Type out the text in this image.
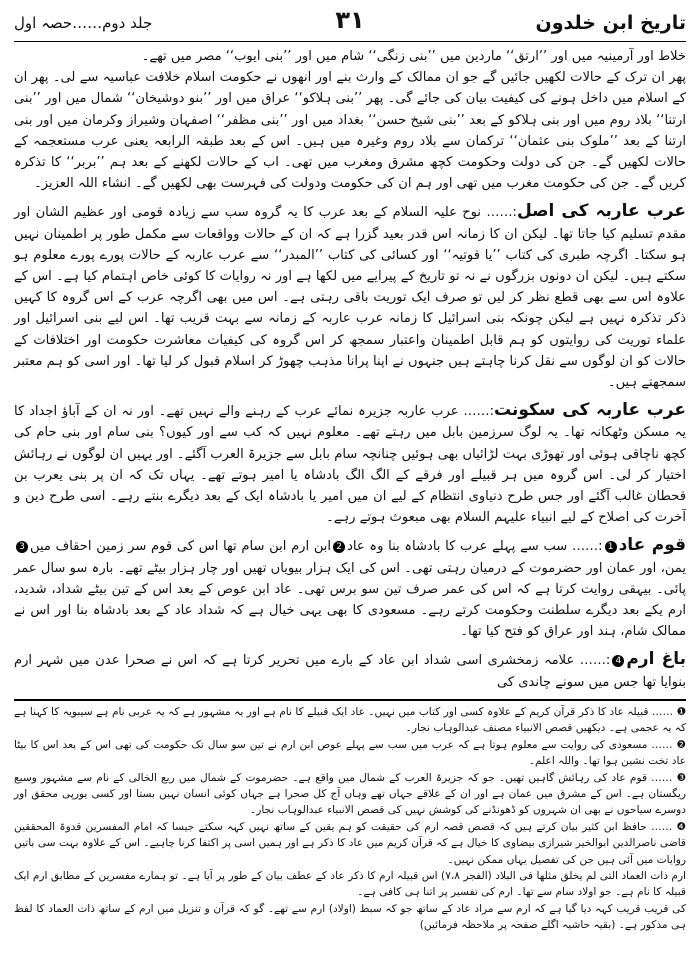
تاریخ ابن خلدون
۳۱
جلد دوم……حصہ اول

خلاط اور آرمینیہ میں اور ’’ارتق‘‘ ماردین میں ’’بنی زنگی‘‘ شام میں اور ’’بنی ایوب‘‘ مصر میں تھے۔

پھر ان ترک کے حالات لکھیں جائیں گے جو ان ممالک کے وارث بنے اور انھوں نے حکومت اسلام خلافت عباسیہ سے لی۔ پھر ان کے اسلام میں داخل ہونے کی کیفیت بیان کی جائے گی۔ پھر ’’بنی ہلاکو‘‘ عراق میں اور ’’بنو دوشیخان‘‘ شمال میں اور ’’بنی ارتنا‘‘ بلاد روم میں اور بنی ہلاکو کے بعد ’’بنی شیخ حسن‘‘ بغداد میں اور ’’بنی مظفر‘‘ اصفہان وشیراز وکرمان میں اور بنی ارتنا کے بعد ’’ملوک بنی عثمان‘‘ ترکمان سے بلاد روم وغیرہ میں ہیں۔ اس کے بعد طبقہ الرابعہ یعنی عرب مستعجمہ کے حالات لکھیں گے۔ جن کی دولت وحکومت کچھ مشرق ومغرب میں تھی۔ اب کے حالات لکھنے کے بعد ہم ’’بربر‘‘ کا تذکرہ کریں گے۔ جن کی حکومت مغرب میں تھی اور ہم ان کی حکومت ودولت کی فہرست بھی لکھیں گے۔ انشاء اللہ العزیز۔

عرب عاربہ کی اصل:…… نوح علیہ السلام کے بعد عرب کا یہ گروہ سب سے زیادہ قومی اور عظیم الشان اور مقدم تسلیم کیا جاتا تھا۔ لیکن ان کا زمانہ اس قدر بعید گزرا ہے کہ ان کے حالات وواقعات سے مکمل طور پر اطمینان نہیں ہو سکتا۔ اگرچہ طبری کی کتاب ’’یا قوتیہ‘‘ اور کسائی کی کتاب ’’المبدر‘‘ سے عرب عاربہ کے حالات پورے پورے معلوم ہو سکتے ہیں۔ لیکن ان دونوں بزرگوں نے نہ تو تاریخ کے پیرایے میں لکھا ہے اور نہ روایات کا کوئی خاص اہتمام کیا ہے۔ اس کے علاوہ اس سے بھی قطع نظر کر لیں تو صرف ایک توریت باقی رہتی ہے۔ اس میں بھی اگرچہ عرب کے اس گروہ کا کہیں ذکر تذکرہ نہیں ہے لیکن چونکہ بنی اسرائیل کا زمانہ عرب عاربہ کے زمانہ سے بہت قریب تھا۔ اس لیے بنی اسرائیل اور علماء توریت کی روایتوں کو ہم قابل اطمینان واعتبار سمجھ کر اس گروہ کی کیفیات معاشرت حکومت اور اختلافات کے حالات کو ان لوگوں سے نقل کرنا چاہتے ہیں جنہوں نے اپنا پرانا مذہب چھوڑ کر اسلام قبول کر لیا تھا۔ اور اسی کو ہم معتبر سمجھتے ہیں۔

عرب عاربہ کی سکونت:…… عرب عاربہ جزیرہ نمائے عرب کے رہنے والے نہیں تھے۔ اور نہ ان کے آباؤ اجداد کا یہ مسکن وٹھکانہ تھا۔ یہ لوگ سرزمین بابل میں رہتے تھے۔ معلوم نہیں کہ کب سے اور کیوں؟ بنی سام اور بنی حام کی کچھ ناچاقی ہوئی اور تھوڑی بہت لڑائیاں بھی ہوئیں چنانچہ سام بابل سے جزیرۃ العرب آگئے۔ اور یہیں ان لوگوں نے رہائش اختیار کر لی۔ اس گروہ میں ہر قبیلے اور فرقے کے الگ الگ بادشاہ یا امیر ہوتے تھے۔ یہاں تک کہ ان پر بنی یعرب بن قحطان غالب آگئے اور جس طرح دنیاوی انتظام کے لیے ان میں امیر یا بادشاہ ایک کے بعد دیگرے بنتے رہے۔ اسی طرح دین و آخرت کی اصلاح کے لیے انبیاء علیہم السلام بھی مبعوث ہوتے رہے۔

قوم عاد1:…… سب سے پہلے عرب کا بادشاہ بنا وہ عاد2ابن ارم ابن سام تھا اس کی قوم سر زمین احقاف میں3یمن، اور عمان اور حضرموت کے درمیان رہتی تھی۔ اس کی ایک ہزار بیویاں تھیں اور چار ہزار بیٹے تھے۔ بارہ سو سال عمر پائی۔ بیہقی روایت کرتا ہے کہ اس کی عمر صرف تین سو برس تھی۔ عاد ابن عوص کے بعد اس کے تین بیٹے شداد، شدید، ارم یکے بعد دیگرے سلطنت وحکومت کرتے رہے۔ مسعودی کا بھی یہی خیال ہے کہ شداد عاد کے بعد بادشاہ بنا اور اس نے ممالک شام، ہند اور عراق کو فتح کیا تھا۔

باغ ارم4:…… علامہ زمخشری اسی شداد ابن عاد کے بارے میں تحریر کرتا ہے کہ اس نے صحرا عدن میں شہر ارم بنوایا تھا جس میں سونے چاندی کی

❶ …… قبیلہ عاد کا ذکر قرآن کریم کے علاوہ کسی اور کتاب میں نہیں۔ عاد ایک قبیلے کا نام ہے اور یہ مشہور ہے کہ یہ عربی نام ہے سیبویہ کا کہنا ہے کہ یہ عجمی ہے۔ دیکھیں قصص الانبیاء مصنف عبدالوہاب نجار۔

❷ …… مسعودی کی روایت سے معلوم ہوتا ہے کہ عرب میں سب سے پہلے عوص ابن ارم نے تین سو سال تک حکومت کی تھی اس کے بعد اس کا بیٹا عاد تخت نشین ہوا تھا۔ واللہ اعلم۔

❸ …… قوم عاد کی رہائش گاہیں تھیں۔ جو کہ جزیرۃ العرب کے شمال میں واقع ہے۔ حضرموت کے شمال میں ربع الخالی کے نام سے مشہور وسیع ریگستان ہے۔ اس کے مشرق میں عمان ہے اور ان کے علاقے جہاں تھے وہاں آج کل صحرا ہے جہاں کوئی انسان نہیں بستا اور کسی یورپی محقق اور دوسرے سیاحوں نے بھی ان شہروں کو ڈھونڈنے کی کوشش نہیں کی قصص الانبیاء عبدالوہاب نجار۔

❹ …… حافظ ابن کثیر بیان کرتے ہیں کہ قصص قصہ ارم کی حقیقت کو ہم یقین کے ساتھ نہیں کہہ سکتے جیسا کہ امام المفسرین قدوۃ المحققین قاضی ناصرالدین ابوالخیر شیرازی بیضاوی کا خیال ہے کہ قرآن کریم میں عاد کا ذکر ہے اور ہمیں اسی پر اکتفا کرنا چاہیے۔ اس کے علاوہ بہت سی باتیں روایات میں آئی ہیں جن کی تفصیل یہاں ممکن نہیں۔

ارم ذات العماد التی لم یخلق مثلھا فی البلاد (الفجر ۷،۸) اس قبیلہ ارم کا ذکر عاد کے عطف بیان کے طور پر آیا ہے۔ تو ہمارے مفسرین کے مطابق ارم ایک قبیلہ کا نام ہے۔ جو اولاد سام سے تھا۔ ارم کی تفسیر پر اتنا ہی کافی ہے۔

کی قریب قریب کہہ دیا گیا ہے کہ ارم سے مراد عاد کے ساتھ جو کہ سبط (اولاد) ارم سے تھے۔ گو کہ قرآن و تنزیل میں ارم کے ساتھ ذات العماد کا لفظ ہی مذکور ہے۔ (بقیہ حاشیہ اگلے صفحہ پر ملاحظہ فرمائیں)
